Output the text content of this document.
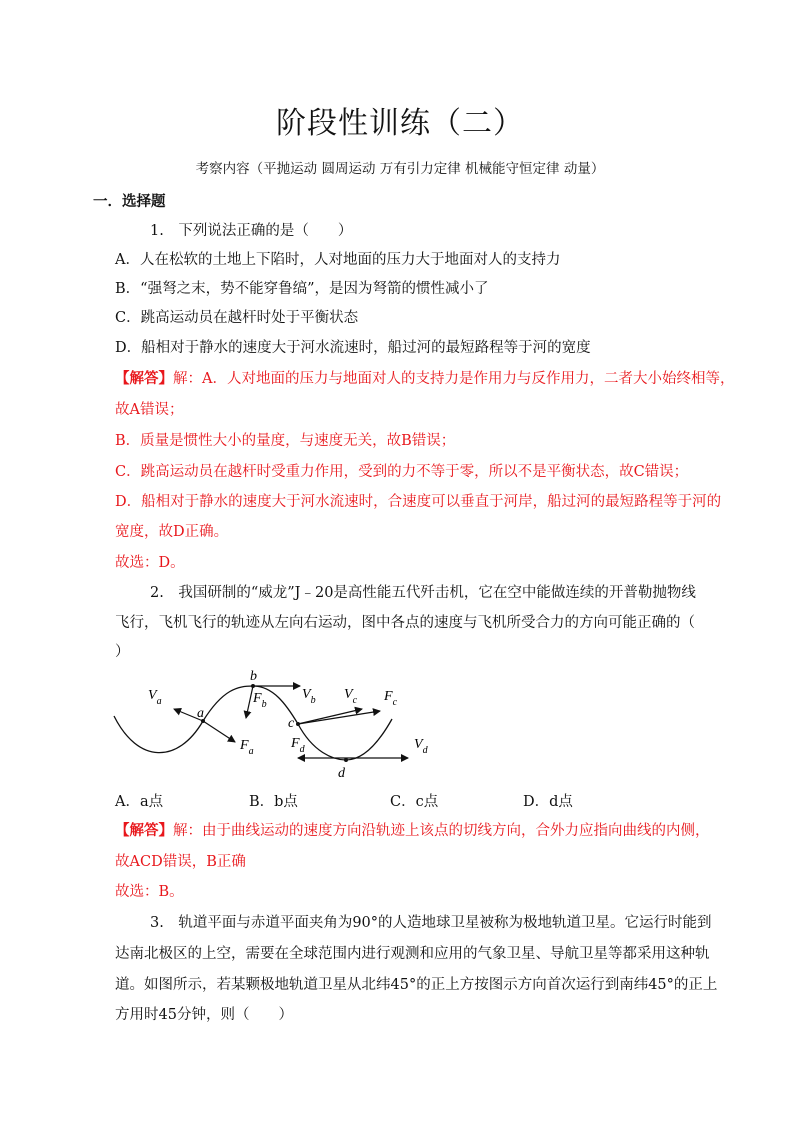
阶段性训练（二）
考察内容（平抛运动 圆周运动 万有引力定律 机械能守恒定律 动量）
一．选择题
1.　下列说法正确的是（　　）
A．人在松软的土地上下陷时，人对地面的压力大于地面对人的支持力
B．“强弩之末，势不能穿鲁缟”，是因为弩箭的惯性减小了
C．跳高运动员在越杆时处于平衡状态
D．船相对于静水的速度大于河水流速时，船过河的最短路程等于河的宽度
【解答】解：A．人对地面的压力与地面对人的支持力是作用力与反作用力，二者大小始终相等，
故A错误；
B．质量是惯性大小的量度，与速度无关，故B错误；
C．跳高运动员在越杆时受重力作用，受到的力不等于零，所以不是平衡状态，故C错误；
D．船相对于静水的速度大于河水流速时，合速度可以垂直于河岸，船过河的最短路程等于河的
宽度，故D正确。
故选：D。
2.　我国研制的“威龙”J﹣20是高性能五代歼击机，它在空中能做连续的开普勒抛物线
飞行，飞机飞行的轨迹从左向右运动，图中各点的速度与飞机所受合力的方向可能正确的（
）
$V_a$
a
$F_a$
b
$F_b$
$V_b$
c
$V_c$ $F_c$
$F_d$
d
$V_d$
A．a点	B．b点	C．c点	D．d点
【解答】解：由于曲线运动的速度方向沿轨迹上该点的切线方向，合外力应指向曲线的内侧，
故ACD错误，B正确
故选：B。
3.　轨道平面与赤道平面夹角为90°的人造地球卫星被称为极地轨道卫星。它运行时能到
达南北极区的上空，需要在全球范围内进行观测和应用的气象卫星、导航卫星等都采用这种轨
道。如图所示，若某颗极地轨道卫星从北纬45°的正上方按图示方向首次运行到南纬45°的正上
方用时45分钟，则（　　）
